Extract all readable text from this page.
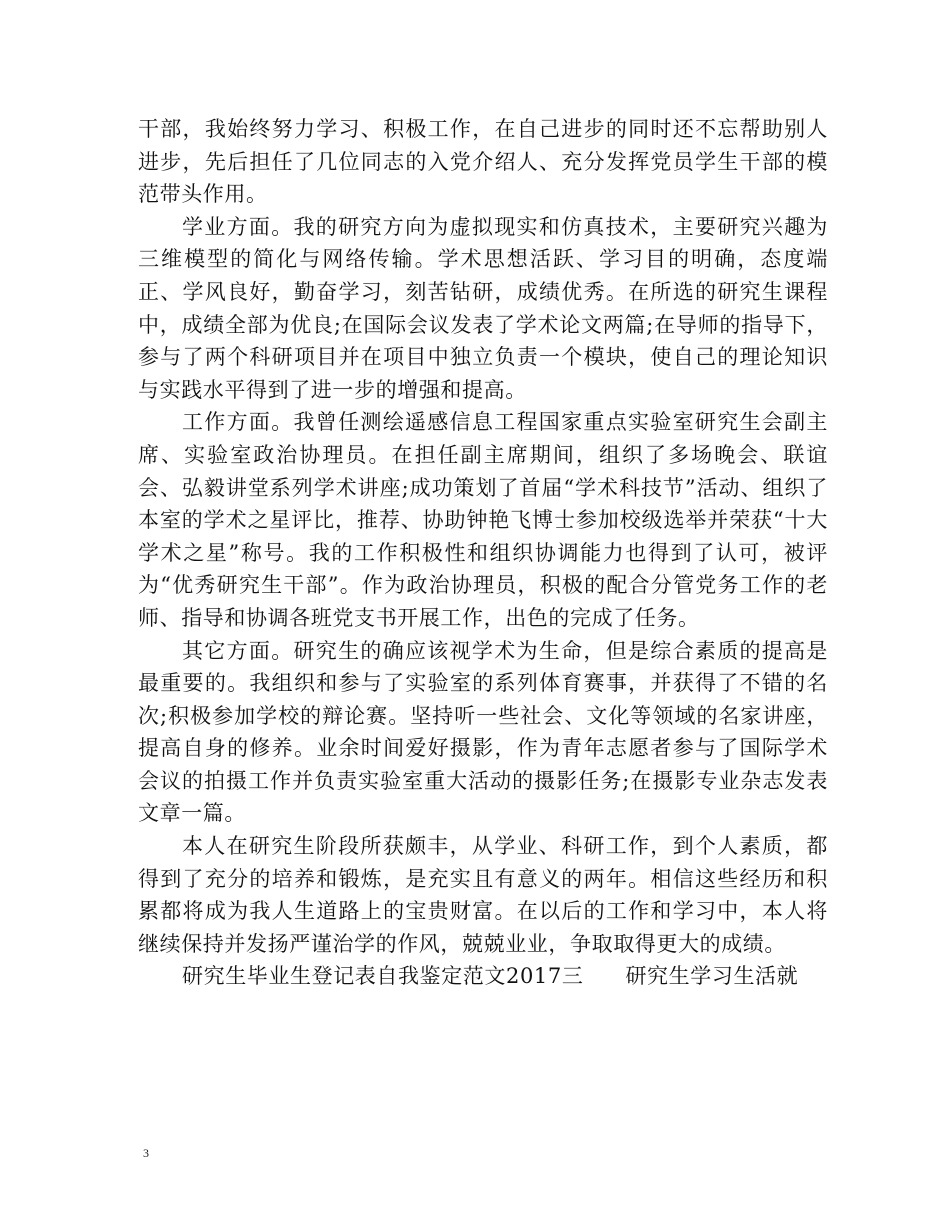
干部，我始终努力学习、积极工作，在自己进步的同时还不忘帮助别人进步，先后担任了几位同志的入党介绍人、充分发挥党员学生干部的模范带头作用。

学业方面。我的研究方向为虚拟现实和仿真技术，主要研究兴趣为三维模型的简化与网络传输。学术思想活跃、学习目的明确，态度端正、学风良好，勤奋学习，刻苦钻研，成绩优秀。在所选的研究生课程中，成绩全部为优良;在国际会议发表了学术论文两篇;在导师的指导下，参与了两个科研项目并在项目中独立负责一个模块，使自己的理论知识与实践水平得到了进一步的增强和提高。

工作方面。我曾任测绘遥感信息工程国家重点实验室研究生会副主席、实验室政治协理员。在担任副主席期间，组织了多场晚会、联谊会、弘毅讲堂系列学术讲座;成功策划了首届“学术科技节”活动、组织了本室的学术之星评比，推荐、协助钟艳飞博士参加校级选举并荣获“十大学术之星”称号。我的工作积极性和组织协调能力也得到了认可，被评为“优秀研究生干部”。作为政治协理员，积极的配合分管党务工作的老师、指导和协调各班党支书开展工作，出色的完成了任务。

其它方面。研究生的确应该视学术为生命，但是综合素质的提高是最重要的。我组织和参与了实验室的系列体育赛事，并获得了不错的名次;积极参加学校的辩论赛。坚持听一些社会、文化等领域的名家讲座，提高自身的修养。业余时间爱好摄影，作为青年志愿者参与了国际学术会议的拍摄工作并负责实验室重大活动的摄影任务;在摄影专业杂志发表文章一篇。

本人在研究生阶段所获颇丰，从学业、科研工作，到个人素质，都得到了充分的培养和锻炼，是充实且有意义的两年。相信这些经历和积累都将成为我人生道路上的宝贵财富。在以后的工作和学习中，本人将继续保持并发扬严谨治学的作风，兢兢业业，争取取得更大的成绩。

研究生毕业生登记表自我鉴定范文2017三 研究生学习生活就

3
